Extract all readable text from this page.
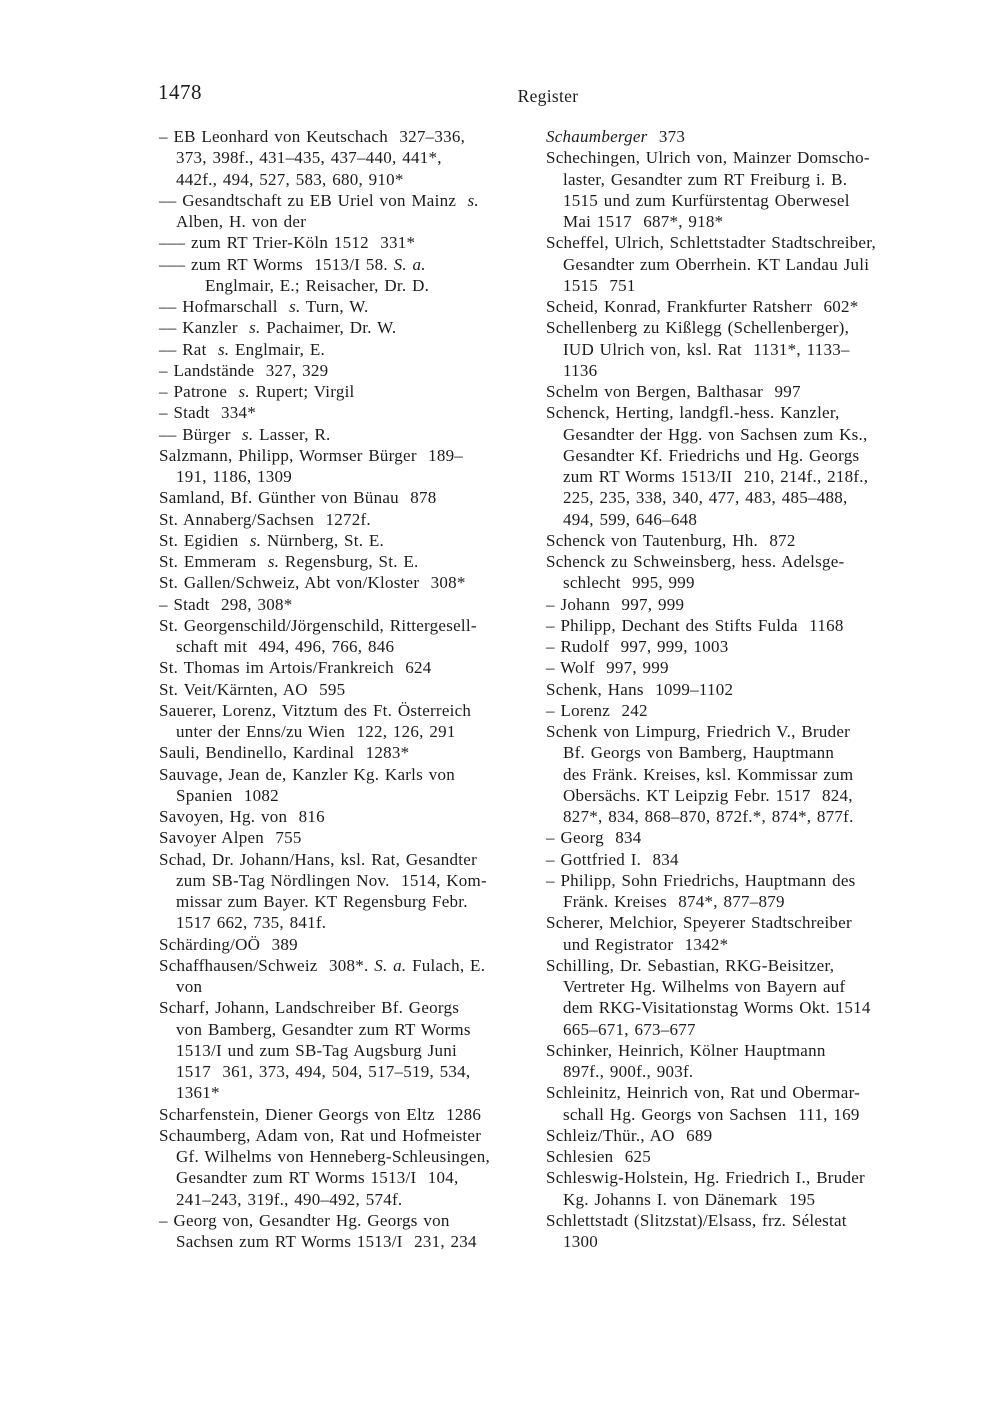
1478	Register
– EB Leonhard von Keutschach  327–336,
373, 398f., 431–435, 437–440, 441*,
442f., 494, 527, 583, 680, 910*
–– Gesandtschaft zu EB Uriel von Mainz  s.
Alben, H. von der
––– zum RT Trier-Köln 1512  331*
––– zum RT Worms  1513/I 58. S. a.
Englmair, E.; Reisacher, Dr. D.
–– Hofmarschall  s. Turn, W.
–– Kanzler  s. Pachaimer, Dr. W.
–– Rat  s. Englmair, E.
– Landstände  327, 329
– Patrone  s. Rupert; Virgil
– Stadt  334*
–– Bürger  s. Lasser, R.
Salzmann, Philipp, Wormser Bürger  189–
191, 1186, 1309
Samland, Bf. Günther von Bünau  878
St. Annaberg/Sachsen  1272f.
St. Egidien  s. Nürnberg, St. E.
St. Emmeram  s. Regensburg, St. E.
St. Gallen/Schweiz, Abt von/Kloster  308*
– Stadt  298, 308*
St. Georgenschild/Jörgenschild, Rittergesell-
schaft mit  494, 496, 766, 846
St. Thomas im Artois/Frankreich  624
St. Veit/Kärnten, AO  595
Sauerer, Lorenz, Vitztum des Ft. Österreich
unter der Enns/zu Wien  122, 126, 291
Sauli, Bendinello, Kardinal  1283*
Sauvage, Jean de, Kanzler Kg. Karls von
Spanien  1082
Savoyen, Hg. von  816
Savoyer Alpen  755
Schad, Dr. Johann/Hans, ksl. Rat, Gesandter
zum SB-Tag Nördlingen Nov.  1514, Kom-
missar zum Bayer. KT Regensburg Febr.
1517 662, 735, 841f.
Schärding/OÖ  389
Schaffhausen/Schweiz  308*. S. a. Fulach, E.
von
Scharf, Johann, Landschreiber Bf. Georgs
von Bamberg, Gesandter zum RT Worms
1513/I und zum SB-Tag Augsburg Juni
1517  361, 373, 494, 504, 517–519, 534,
1361*
Scharfenstein, Diener Georgs von Eltz  1286
Schaumberg, Adam von, Rat und Hofmeister
Gf. Wilhelms von Henneberg-Schleusingen,
Gesandter zum RT Worms 1513/I  104,
241–243, 319f., 490–492, 574f.
– Georg von, Gesandter Hg. Georgs von
Sachsen zum RT Worms 1513/I  231, 234
Schaumberger  373
Schechingen, Ulrich von, Mainzer Domscho-
laster, Gesandter zum RT Freiburg i. B.
1515 und zum Kurfürstentag Oberwesel
Mai 1517  687*, 918*
Scheffel, Ulrich, Schlettstadter Stadtschreiber,
Gesandter zum Oberrhein. KT Landau Juli
1515  751
Scheid, Konrad, Frankfurter Ratsherr  602*
Schellenberg zu Kißlegg (Schellenberger),
IUD Ulrich von, ksl. Rat  1131*, 1133–
1136
Schelm von Bergen, Balthasar  997
Schenck, Herting, landgfl.-hess. Kanzler,
Gesandter der Hgg. von Sachsen zum Ks.,
Gesandter Kf. Friedrichs und Hg. Georgs
zum RT Worms 1513/II  210, 214f., 218f.,
225, 235, 338, 340, 477, 483, 485–488,
494, 599, 646–648
Schenck von Tautenburg, Hh.  872
Schenck zu Schweinsberg, hess. Adelsge-
schlecht  995, 999
– Johann  997, 999
– Philipp, Dechant des Stifts Fulda  1168
– Rudolf  997, 999, 1003
– Wolf  997, 999
Schenk, Hans  1099–1102
– Lorenz  242
Schenk von Limpurg, Friedrich V., Bruder
Bf. Georgs von Bamberg, Hauptmann
des Fränk. Kreises, ksl. Kommissar zum
Obersächs. KT Leipzig Febr. 1517  824,
827*, 834, 868–870, 872f.*, 874*, 877f.
– Georg  834
– Gottfried I.  834
– Philipp, Sohn Friedrichs, Hauptmann des
Fränk. Kreises  874*, 877–879
Scherer, Melchior, Speyerer Stadtschreiber
und Registrator  1342*
Schilling, Dr. Sebastian, RKG-Beisitzer,
Vertreter Hg. Wilhelms von Bayern auf
dem RKG-Visitationstag Worms Okt. 1514
665–671, 673–677
Schinker, Heinrich, Kölner Hauptmann
897f., 900f., 903f.
Schleinitz, Heinrich von, Rat und Obermar-
schall Hg. Georgs von Sachsen  111, 169
Schleiz/Thür., AO  689
Schlesien  625
Schleswig-Holstein, Hg. Friedrich I., Bruder
Kg. Johanns I. von Dänemark  195
Schlettstadt (Slitzstat)/Elsass, frz. Sélestat
1300
